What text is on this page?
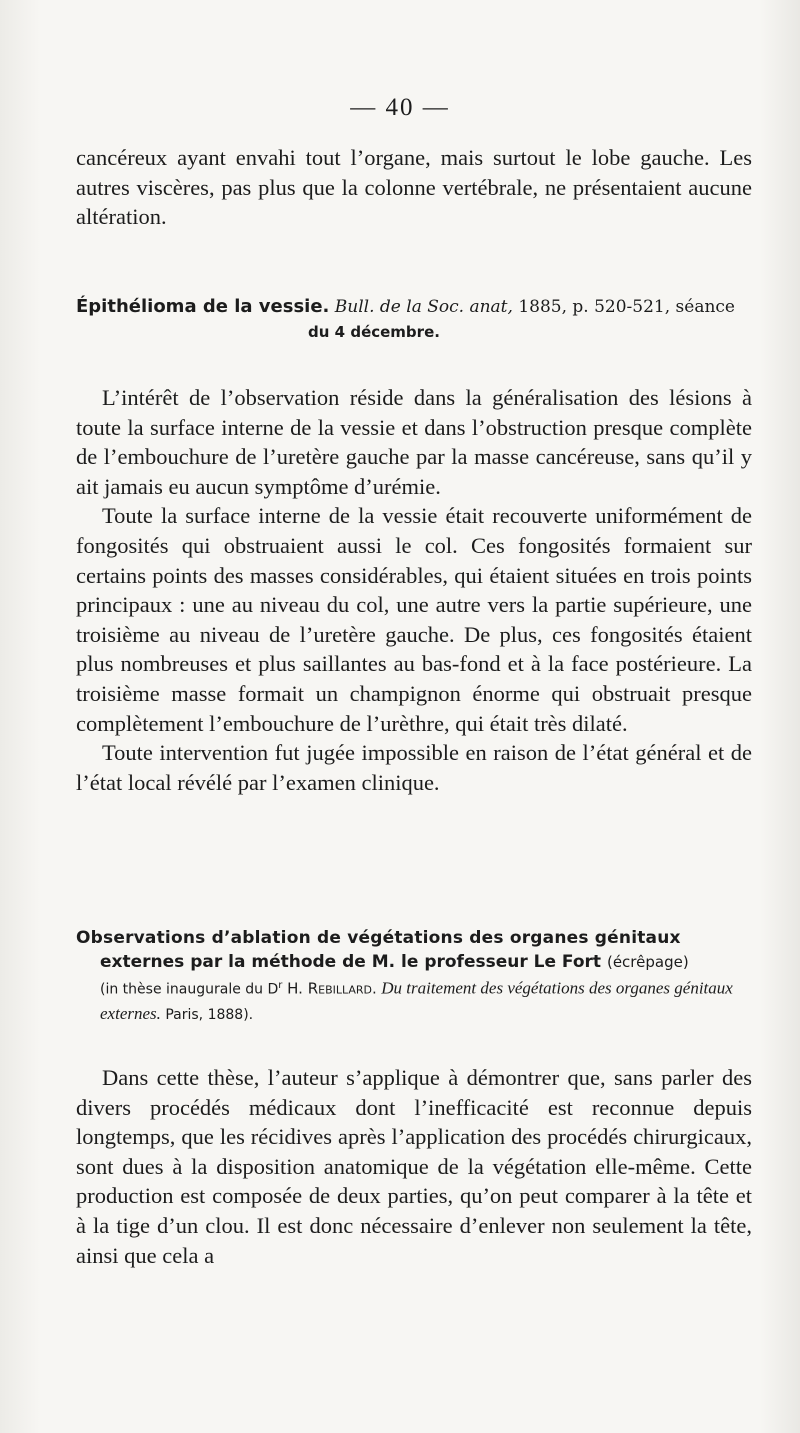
— 40 —

cancéreux ayant envahi tout l’organe, mais surtout le lobe gauche. Les autres viscères, pas plus que la colonne vertébrale, ne présentaient aucune altération.

Épithélioma de la vessie. Bull. de la Soc. anat, 1885, p. 520-521, séance
du 4 décembre.

L’intérêt de l’observation réside dans la généralisation des lésions à toute la surface interne de la vessie et dans l’obstruction presque complète de l’embouchure de l’uretère gauche par la masse cancéreuse, sans qu’il y ait jamais eu aucun symptôme d’urémie.

Toute la surface interne de la vessie était recouverte uniformément de fongosités qui obstruaient aussi le col. Ces fongosités formaient sur certains points des masses considérables, qui étaient situées en trois points principaux : une au niveau du col, une autre vers la partie supérieure, une troisième au niveau de l’uretère gauche. De plus, ces fongosités étaient plus nombreuses et plus saillantes au bas-fond et à la face postérieure. La troisième masse formait un champignon énorme qui obstruait presque complètement l’embouchure de l’urèthre, qui était très dilaté.

Toute intervention fut jugée impossible en raison de l’état général et de l’état local révélé par l’examen clinique.

Observations d’ablation de végétations des organes génitaux
externes par la méthode de M. le professeur Le Fort (écrêpage)
(in thèse inaugurale du $D^r$ H. Rebillard. Du traitement des végétations des organes génitaux externes. Paris, 1888).

Dans cette thèse, l’auteur s’applique à démontrer que, sans parler des divers procédés médicaux dont l’inefficacité est reconnue depuis longtemps, que les récidives après l’application des procédés chirurgicaux, sont dues à la disposition anatomique de la végétation elle-même. Cette production est composée de deux parties, qu’on peut comparer à la tête et à la tige d’un clou. Il est donc nécessaire d’enlever non seulement la tête, ainsi que cela a
